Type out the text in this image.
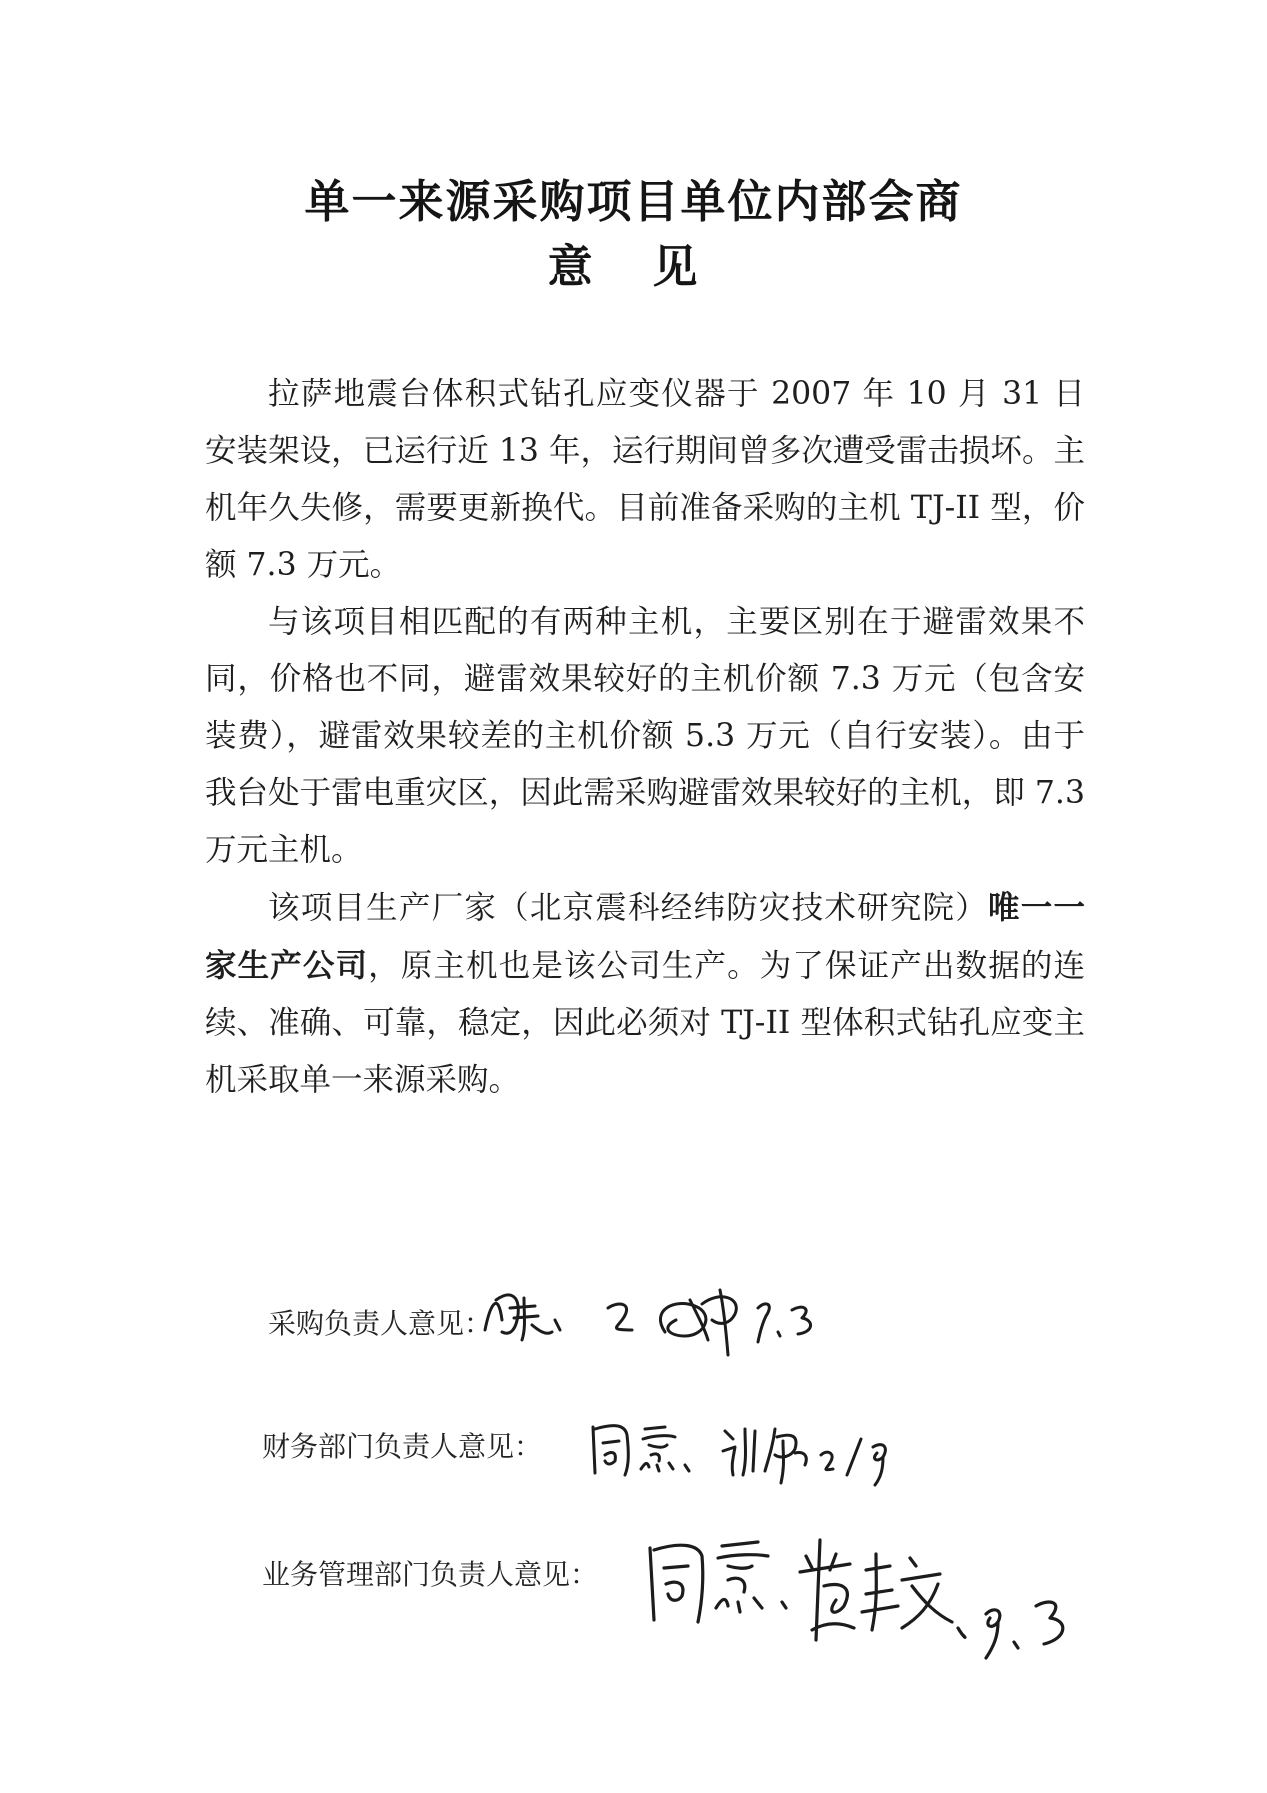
单一来源采购项目单位内部会商
意 见

拉萨地震台体积式钻孔应变仪器于 2007 年 10 月 31 日安装架设，已运行近 13 年，运行期间曾多次遭受雷击损坏。主机年久失修，需要更新换代。目前准备采购的主机 TJ-II 型，价额 7.3 万元。

与该项目相匹配的有两种主机，主要区别在于避雷效果不同，价格也不同，避雷效果较好的主机价额 7.3 万元（包含安装费），避雷效果较差的主机价额 5.3 万元（自行安装）。由于我台处于雷电重灾区，因此需采购避雷效果较好的主机，即 7.3 万元主机。

该项目生产厂家（北京震科经纬防灾技术研究院）唯一一家生产公司，原主机也是该公司生产。为了保证产出数据的连续、准确、可靠，稳定，因此必须对 TJ-II 型体积式钻孔应变主机采取单一来源采购。

采购负责人意见：
财务部门负责人意见：
业务管理部门负责人意见：
